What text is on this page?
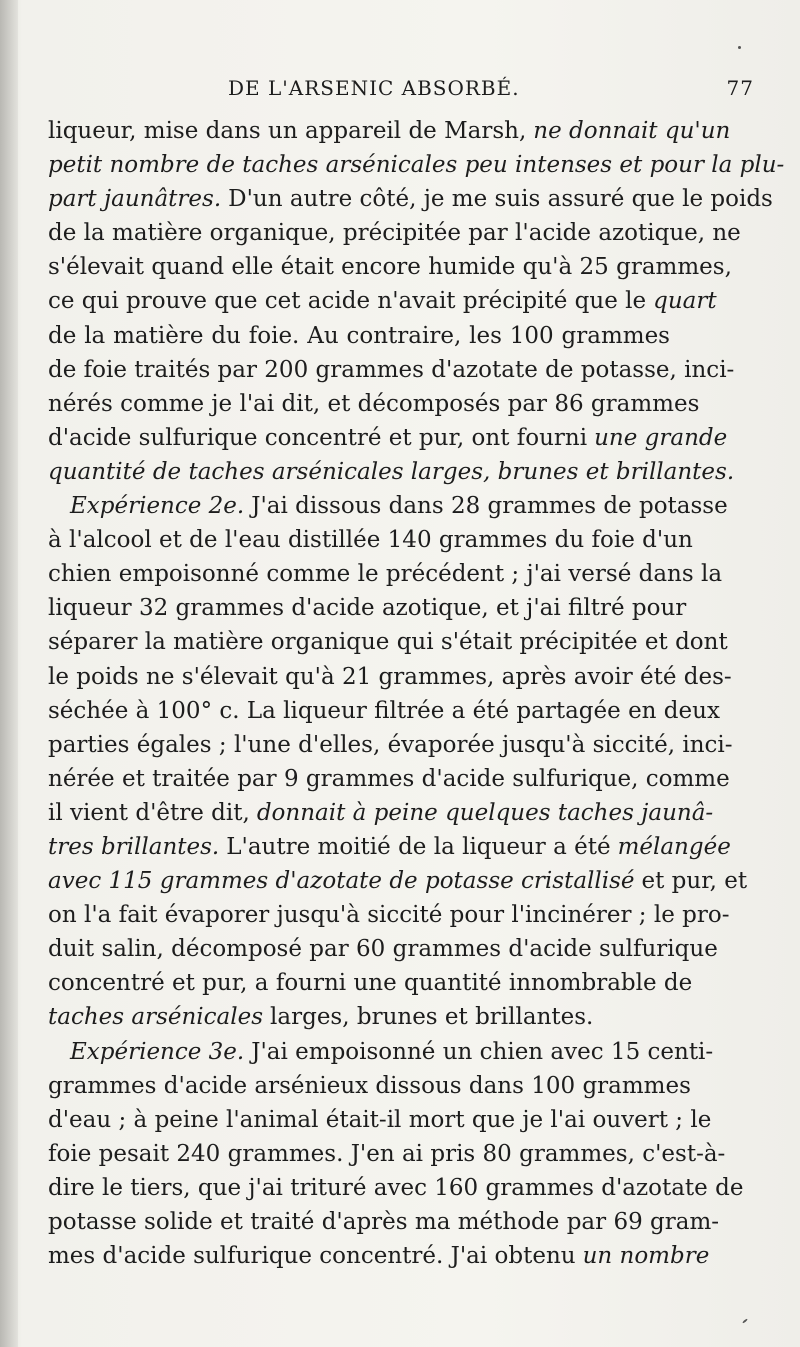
DE L'ARSENIC ABSORBÉ.	77
liqueur, mise dans un appareil de Marsh, ne donnait qu'un
petit nombre de taches arsénicales peu intenses et pour la plu-
part jaunâtres. D'un autre côté, je me suis assuré que le poids
de la matière organique, précipitée par l'acide azotique, ne
s'élevait quand elle était encore humide qu'à 25 grammes,
ce qui prouve que cet acide n'avait précipité que le quart
de la matière du foie. Au contraire, les 100 grammes
de foie traités par 200 grammes d'azotate de potasse, inci-
nérés comme je l'ai dit, et décomposés par 86 grammes
d'acide sulfurique concentré et pur, ont fourni une grande
quantité de taches arsénicales larges, brunes et brillantes.
Expérience 2e. J'ai dissous dans 28 grammes de potasse
à l'alcool et de l'eau distillée 140 grammes du foie d'un
chien empoisonné comme le précédent ; j'ai versé dans la
liqueur 32 grammes d'acide azotique, et j'ai filtré pour
séparer la matière organique qui s'était précipitée et dont
le poids ne s'élevait qu'à 21 grammes, après avoir été des-
séchée à 100° c. La liqueur filtrée a été partagée en deux
parties égales ; l'une d'elles, évaporée jusqu'à siccité, inci-
nérée et traitée par 9 grammes d'acide sulfurique, comme
il vient d'être dit, donnait à peine quelques taches jaunâ-
tres brillantes. L'autre moitié de la liqueur a été mélangée
avec 115 grammes d'azotate de potasse cristallisé et pur, et
on l'a fait évaporer jusqu'à siccité pour l'incinérer ; le pro-
duit salin, décomposé par 60 grammes d'acide sulfurique
concentré et pur, a fourni une quantité innombrable de
taches arsénicales larges, brunes et brillantes.
Expérience 3e. J'ai empoisonné un chien avec 15 centi-
grammes d'acide arsénieux dissous dans 100 grammes
d'eau ; à peine l'animal était-il mort que je l'ai ouvert ; le
foie pesait 240 grammes. J'en ai pris 80 grammes, c'est-à-
dire le tiers, que j'ai trituré avec 160 grammes d'azotate de
potasse solide et traité d'après ma méthode par 69 gram-
mes d'acide sulfurique concentré. J'ai obtenu un nombre
